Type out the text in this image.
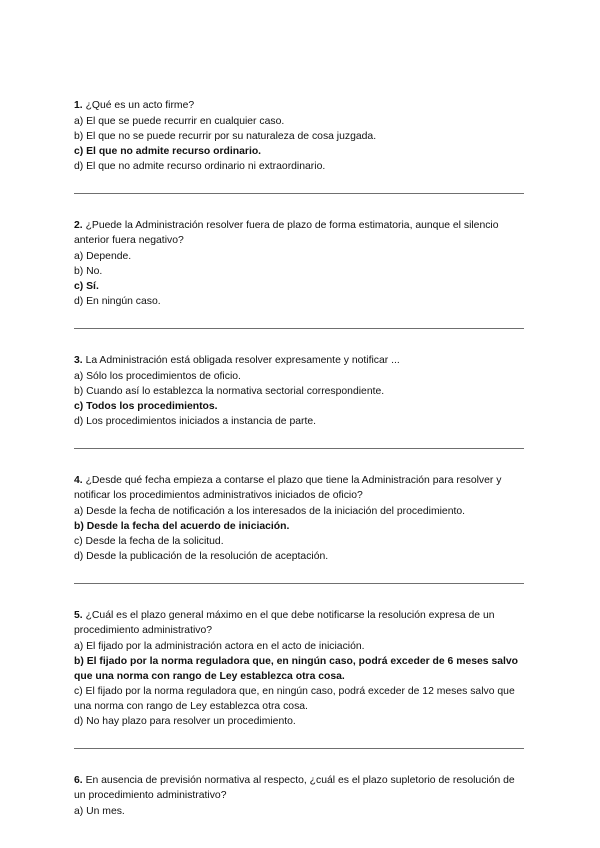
1. ¿Qué es un acto firme?

a) El que se puede recurrir en cualquier caso.

b) El que no se puede recurrir por su naturaleza de cosa juzgada.

c) El que no admite recurso ordinario.

d) El que no admite recurso ordinario ni extraordinario.

2. ¿Puede la Administración resolver fuera de plazo de forma estimatoria, aunque el silencio anterior fuera negativo?

a) Depende.

b) No.

c) Sí.

d) En ningún caso.

3. La Administración está obligada resolver expresamente y notificar ...

a) Sólo los procedimientos de oficio.

b) Cuando así lo establezca la normativa sectorial correspondiente.

c) Todos los procedimientos.

d) Los procedimientos iniciados a instancia de parte.

4. ¿Desde qué fecha empieza a contarse el plazo que tiene la Administración para resolver y notificar los procedimientos administrativos iniciados de oficio?

a) Desde la fecha de notificación a los interesados de la iniciación del procedimiento.

b) Desde la fecha del acuerdo de iniciación.

c) Desde la fecha de la solicitud.

d) Desde la publicación de la resolución de aceptación.

5. ¿Cuál es el plazo general máximo en el que debe notificarse la resolución expresa de un procedimiento administrativo?

a) El fijado por la administración actora en el acto de iniciación.

b) El fijado por la norma reguladora que, en ningún caso, podrá exceder de 6 meses salvo que una norma con rango de Ley establezca otra cosa.

c) El fijado por la norma reguladora que, en ningún caso, podrá exceder de 12 meses salvo que una norma con rango de Ley establezca otra cosa.

d) No hay plazo para resolver un procedimiento.

6. En ausencia de previsión normativa al respecto, ¿cuál es el plazo supletorio de resolución de un procedimiento administrativo?

a) Un mes.
